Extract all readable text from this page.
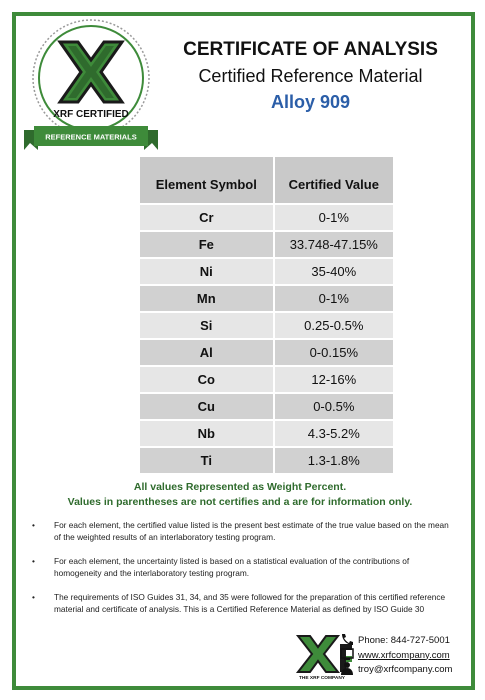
XRF CERTIFIED
REFERENCE MATERIALS
CERTIFICATE OF ANALYSIS
Certified Reference Material
Alloy 909
Element Symbol	Certified Value
Cr	0-1%
Fe	33.748-47.15%
Ni	35-40%
Mn	0-1%
Si	0.25-0.5%
Al	0-0.15%
Co	12-16%
Cu	0-0.5%
Nb	4.3-5.2%
Ti	1.3-1.8%
All values Represented as Weight Percent.
Values in parentheses are not certifies and a are for information only.
• For each element, the certified value listed is the present best estimate of the true value based on the mean of the weighted results of an interlaboratory testing program.
• For each element, the uncertainty listed is based on a statistical evaluation of the contributions of homogeneity and the interlaboratory testing program.
• The requirements of ISO Guides 31, 34, and 35 were followed for the preparation of this certified reference material and certificate of analysis. This is a Certified Reference Material as defined by ISO Guide 30
THE XRF COMPANY
Phone: 844-727-5001
www.xrfcompany.com
troy@xrfcompany.com
